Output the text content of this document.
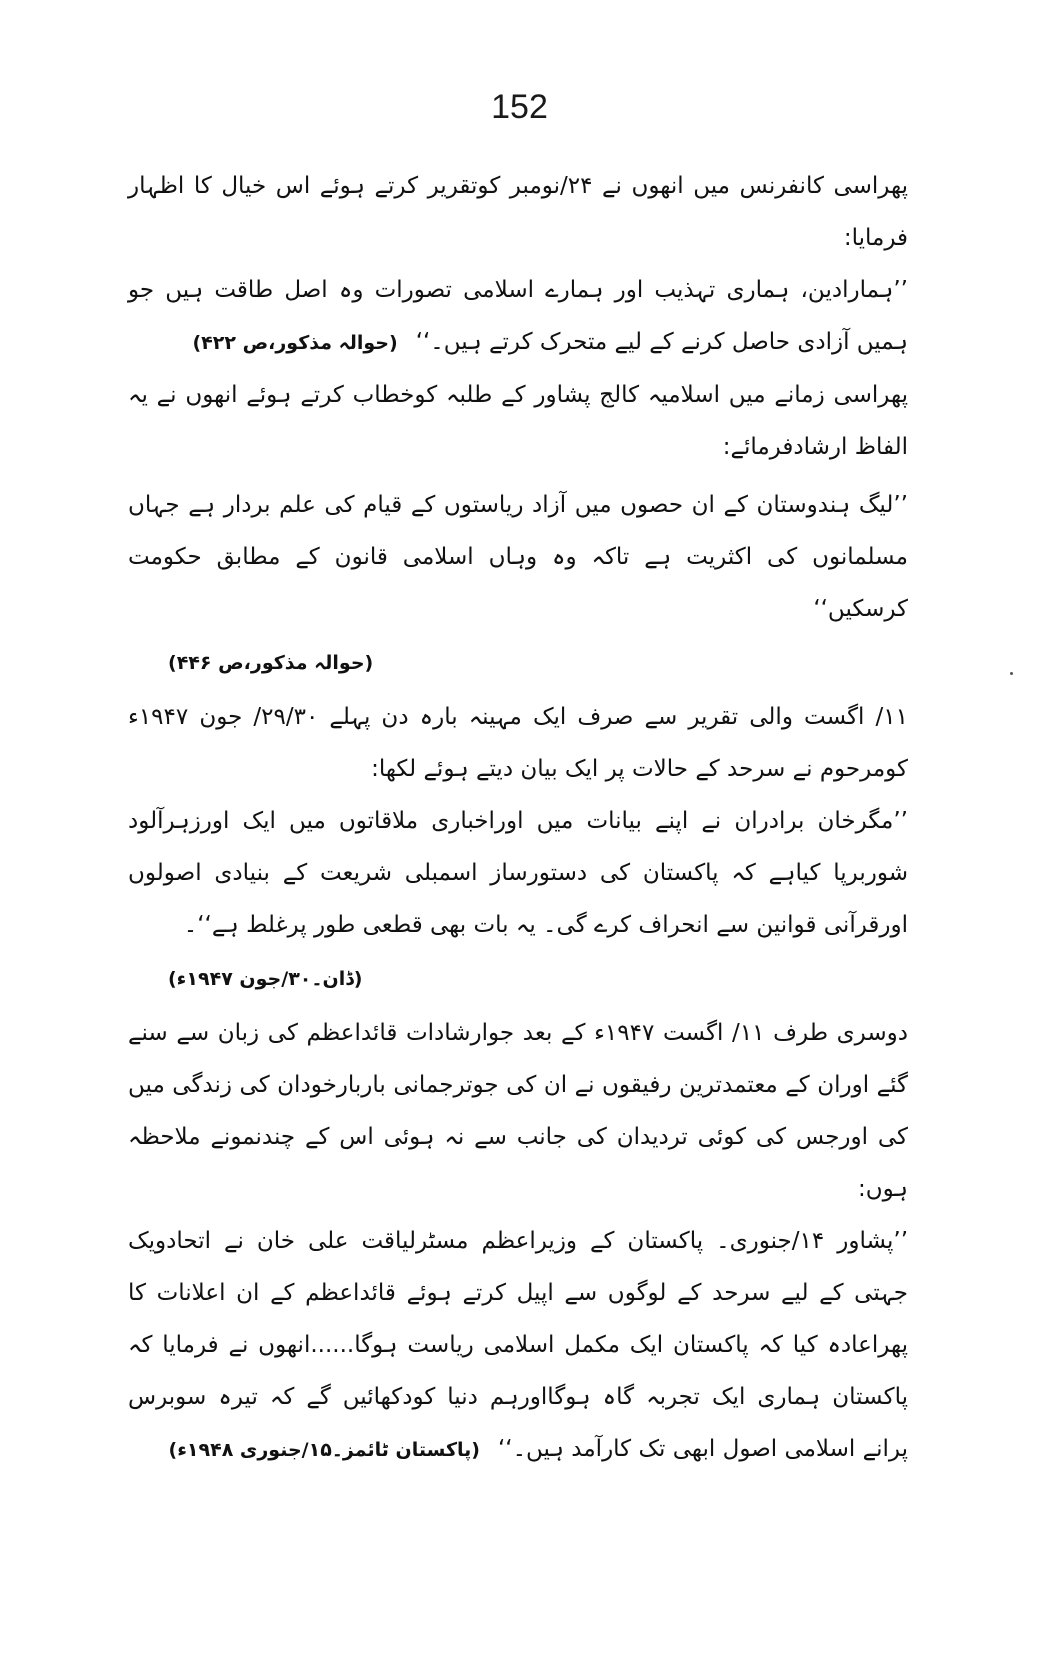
152

پھراسی کانفرنس میں انھوں نے ۲۴/نومبر کوتقریر کرتے ہوئے اس خیال کا اظہار فرمایا:

’’ہمارادین، ہماری تہذیب اور ہمارے اسلامی تصورات وہ اصل طاقت ہیں جو ہمیں آزادی حاصل کرنے کے لیے متحرک کرتے ہیں۔‘‘(حوالہ مذکور،ص ۴۲۲)

پھراسی زمانے میں اسلامیہ کالج پشاور کے طلبہ کوخطاب کرتے ہوئے انھوں نے یہ الفاظ ارشادفرمائے:

’’لیگ ہندوستان کے ان حصوں میں آزاد ریاستوں کے قیام کی علم بردار ہے جہاں مسلمانوں کی اکثریت ہے تاکہ وہ وہاں اسلامی قانون کے مطابق حکومت کرسکیں‘‘

(حوالہ مذکور،ص ۴۴۶)

۱۱/ اگست والی تقریر سے صرف ایک مہینہ بارہ دن پہلے ۲۹/۳۰/ جون ۱۹۴۷ء کومرحوم نے سرحد کے حالات پر ایک بیان دیتے ہوئے لکھا:

’’مگرخان برادران نے اپنے بیانات میں اوراخباری ملاقاتوں میں ایک اورزہرآلود شوربرپا کیاہے کہ پاکستان کی دستورساز اسمبلی شریعت کے بنیادی اصولوں اورقرآنی قوانین سے انحراف کرے گی۔ یہ بات بھی قطعی طور پرغلط ہے‘‘۔

(ڈان۔۳۰/جون ۱۹۴۷ء)

دوسری طرف ۱۱/ اگست ۱۹۴۷ء کے بعد جوارشادات قائداعظم کی زبان سے سنے گئے اوران کے معتمدترین رفیقوں نے ان کی جوترجمانی باربارخودان کی زندگی میں کی اورجس کی کوئی تردیدان کی جانب سے نہ ہوئی اس کے چندنمونے ملاحظہ ہوں:

’’پشاور ۱۴/جنوری۔ پاکستان کے وزیراعظم مسٹرلیاقت علی خان نے اتحادویک جہتی کے لیے سرحد کے لوگوں سے اپیل کرتے ہوئے قائداعظم کے ان اعلانات کا پھراعادہ کیا کہ پاکستان ایک مکمل اسلامی ریاست ہوگا......انھوں نے فرمایا کہ پاکستان ہماری ایک تجربہ گاہ ہوگااورہم دنیا کودکھائیں گے کہ تیرہ سوبرس پرانے اسلامی اصول ابھی تک کارآمد ہیں۔‘‘(پاکستان ٹائمز۔۱۵/جنوری ۱۹۴۸ء)
